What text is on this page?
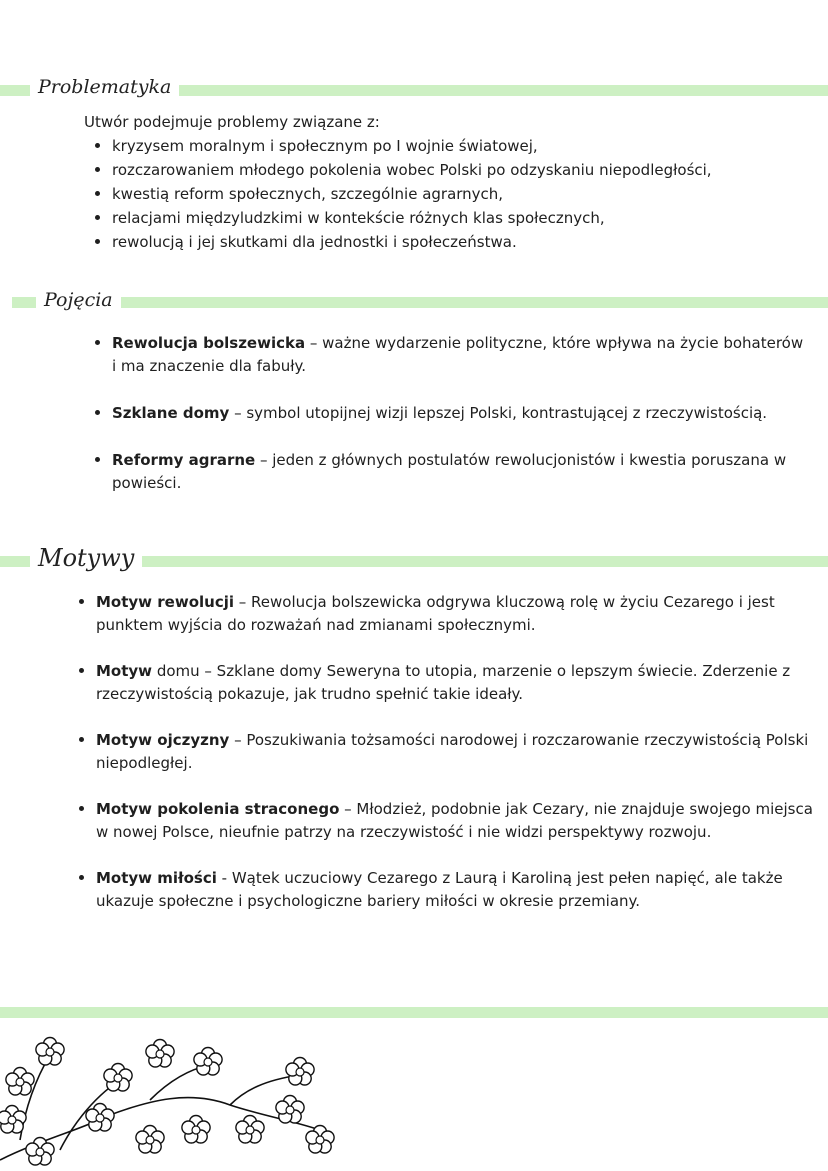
Problematyka
Utwór podejmuje problemy związane z:
• kryzysem moralnym i społecznym po I wojnie światowej,
• rozczarowaniem młodego pokolenia wobec Polski po odzyskaniu niepodległości,
• kwestią reform społecznych, szczególnie agrarnych,
• relacjami międzyludzkimi w kontekście różnych klas społecznych,
• rewolucją i jej skutkami dla jednostki i społeczeństwa.
Pojęcia
• Rewolucja bolszewicka – ważne wydarzenie polityczne, które wpływa na życie bohaterów i ma znaczenie dla fabuły.
• Szklane domy – symbol utopijnej wizji lepszej Polski, kontrastującej z rzeczywistością.
• Reformy agrarne – jeden z głównych postulatów rewolucjonistów i kwestia poruszana w powieści.
Motywy
• Motyw rewolucji – Rewolucja bolszewicka odgrywa kluczową rolę w życiu Cezarego i jest punktem wyjścia do rozważań nad zmianami społecznymi.
• Motyw domu – Szklane domy Seweryna to utopia, marzenie o lepszym świecie. Zderzenie z rzeczywistością pokazuje, jak trudno spełnić takie ideały.
• Motyw ojczyzny – Poszukiwania tożsamości narodowej i rozczarowanie rzeczywistością Polski niepodległej.
• Motyw pokolenia straconego – Młodzież, podobnie jak Cezary, nie znajduje swojego miejsca w nowej Polsce, nieufnie patrzy na rzeczywistość i nie widzi perspektywy rozwoju.
• Motyw miłości - Wątek uczuciowy Cezarego z Laurą i Karoliną jest pełen napięć, ale także ukazuje społeczne i psychologiczne bariery miłości w okresie przemiany.
